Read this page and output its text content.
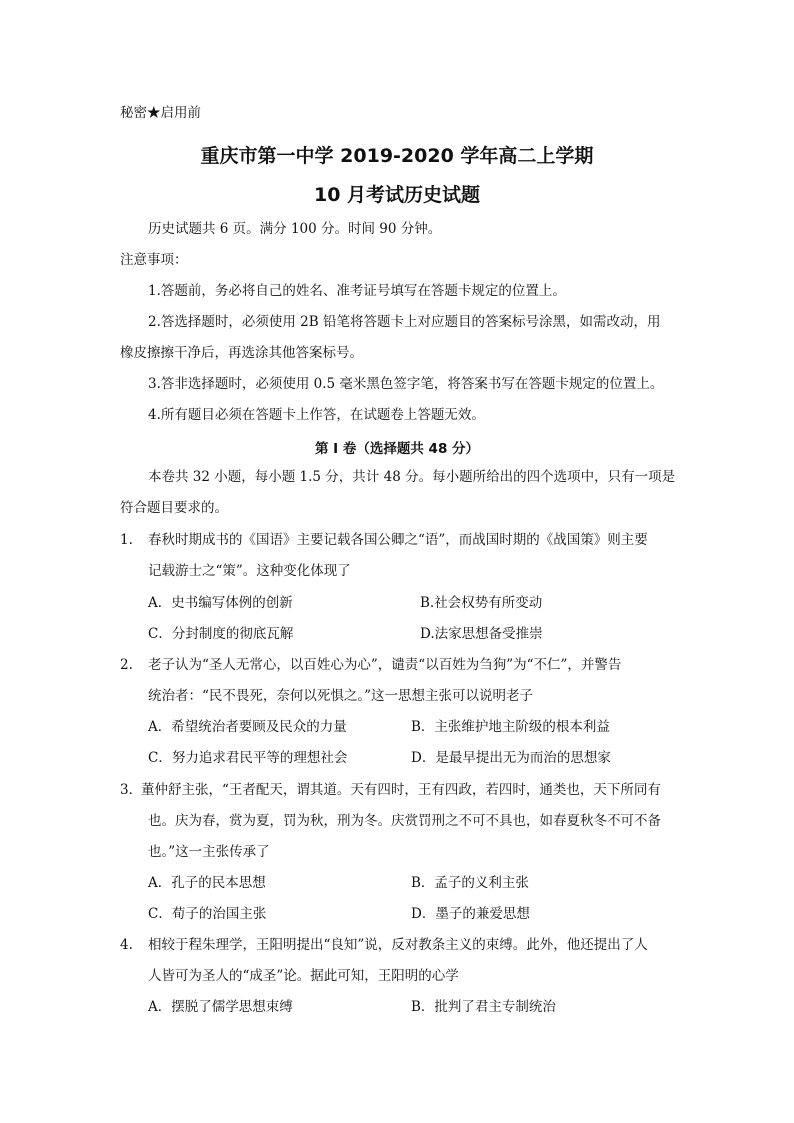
秘密★启用前
重庆市第一中学 2019-2020 学年高二上学期
10 月考试历史试题
历史试题共 6 页。满分 100 分。时间 90 分钟。
注意事项：
1.答题前，务必将自己的姓名、准考证号填写在答题卡规定的位置上。
2.答选择题时，必须使用 2B 铅笔将答题卡上对应题目的答案标号涂黑，如需改动，用
橡皮擦擦干净后，再选涂其他答案标号。
3.答非选择题时，必须使用 0.5 毫米黑色签字笔，将答案书写在答题卡规定的位置上。
4.所有题目必须在答题卡上作答，在试题卷上答题无效。
第 Ⅰ 卷（选择题共 48 分）
本卷共 32 小题，每小题 1.5 分，共计 48 分。每小题所给出的四个选项中，只有一项是
符合题目要求的。
1. 春秋时期成书的《国语》主要记载各国公卿之“语”，而战国时期的《战国策》则主要
记载游士之“策”。这种变化体现了
A．史书编写体例的创新	B.社会权势有所变动
C．分封制度的彻底瓦解	D.法家思想备受推崇
2. 老子认为“圣人无常心，以百姓心为心”，谴责“以百姓为刍狗”为“不仁”，并警告
统治者：“民不畏死，奈何以死惧之。”这一思想主张可以说明老子
A．希望统治者要顾及民众的力量	B．主张维护地主阶级的根本利益
C．努力追求君民平等的理想社会	D．是最早提出无为而治的思想家
3．
董仲舒主张，“王者配天，谓其道。天有四时，王有四政，若四时，通类也，天下所同有
也。庆为春，赏为夏，罚为秋，刑为冬。庆赏罚刑之不可不具也，如春夏秋冬不可不备
也。”这一主张传承了
A．孔子的民本思想	B．孟子的义利主张
C．荀子的治国主张	D．墨子的兼爱思想
4. 相较于程朱理学，王阳明提出“良知”说，反对教条主义的束缚。此外，他还提出了人
人皆可为圣人的“成圣”论。据此可知，王阳明的心学
A．摆脱了儒学思想束缚	B．批判了君主专制统治
